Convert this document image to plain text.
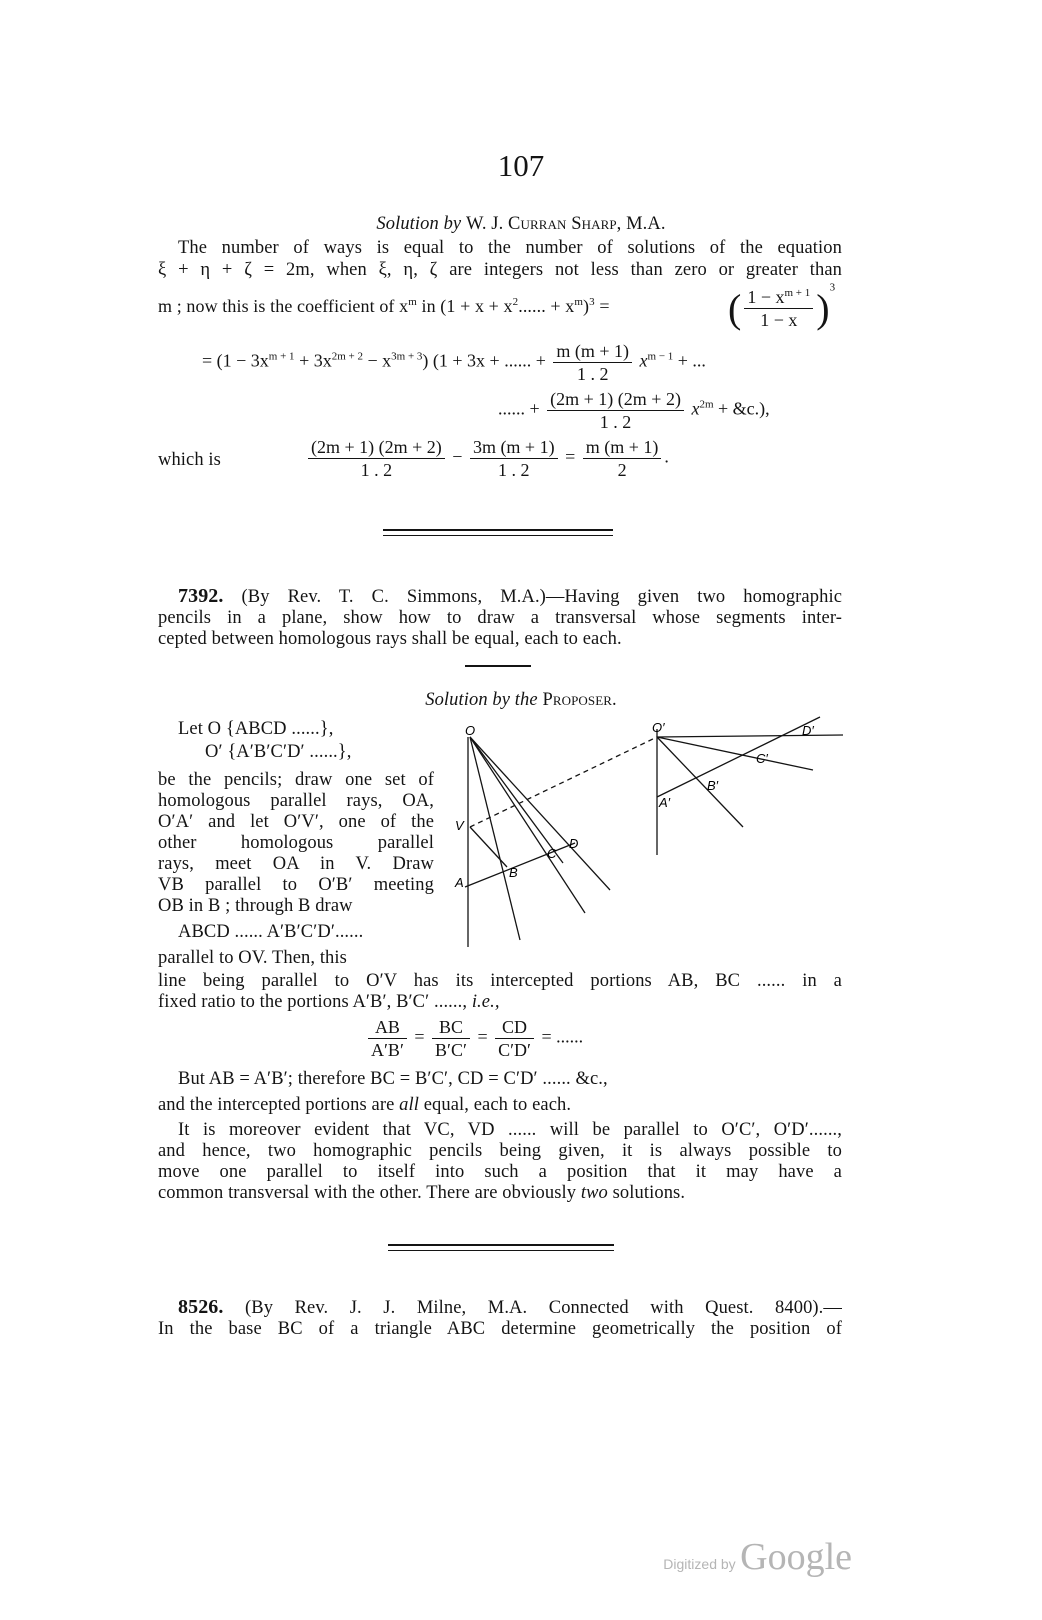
107
Solution by W. J. Curran Sharp, M.A.
The number of ways is equal to the number of solutions of the equation
ξ + η + ζ = 2m, when ξ, η, ζ are integers not less than zero or greater than
m ; now this is the coefficient of $x^m$ in ($1 + x + x^2$...... + $x^m)^3$ =	( $\frac{1 - x^{m + 1}}{1 - x} )^3$
= $(1 - 3x^{m + 1} + 3x^{2m + 2} - x^{3m + 3})$ (1 + 3x + ...... + $\frac{m (m + 1)}{1 . 2} x^{m - 1}$ + ...
...... + $\frac{(2m + 1) (2m + 2)}{1 . 2} x^{2m}$ + &c.),
which is	$\frac{(2m + 1) (2m + 2)}{1 . 2} - \frac{3m (m + 1)}{1 . 2} = \frac{m (m + 1)}{2}$ .
7392. (By Rev. T. C. Simmons, M.A.)—Having given two homographic
pencils in a plane, show how to draw a transversal whose segments inter-
cepted between homologous rays shall be equal, each to each.
Solution by the Proposer.
Let O {ABCD ......},
O′ {A′B′C′D′ ......},
be the pencils; draw one set of
homologous parallel rays, OA,
O′A′ and let O′V′, one of the
other homologous parallel
rays, meet OA in V. Draw
VB parallel to O′B′ meeting
OB in B ; through B draw
ABCD ...... A′B′C′D′......
parallel to OV. Then, this
O
V
A
B
C
D
O′
A′
B′
C′
D′
line being parallel to O′V has its intercepted portions AB, BC ...... in a
fixed ratio to the portions A′B′, B′C′ ......, i.e.,
$\frac{AB}{A'B'} = \frac{BC}{B'C'} = \frac{CD}{C'D'}$ = ......
But AB = A′B′; therefore BC = B′C′, CD = C′D′ ...... &c.,
and the intercepted portions are all equal, each to each.
It is moreover evident that VC, VD ...... will be parallel to O′C′, O′D′......,
and hence, two homographic pencils being given, it is always possible to
move one parallel to itself into such a position that it may have a
common transversal with the other. There are obviously two solutions.
8526. (By Rev. J. J. Milne, M.A. Connected with Quest. 8400).—
In the base BC of a triangle ABC determine geometrically the position of
Digitized by Google
